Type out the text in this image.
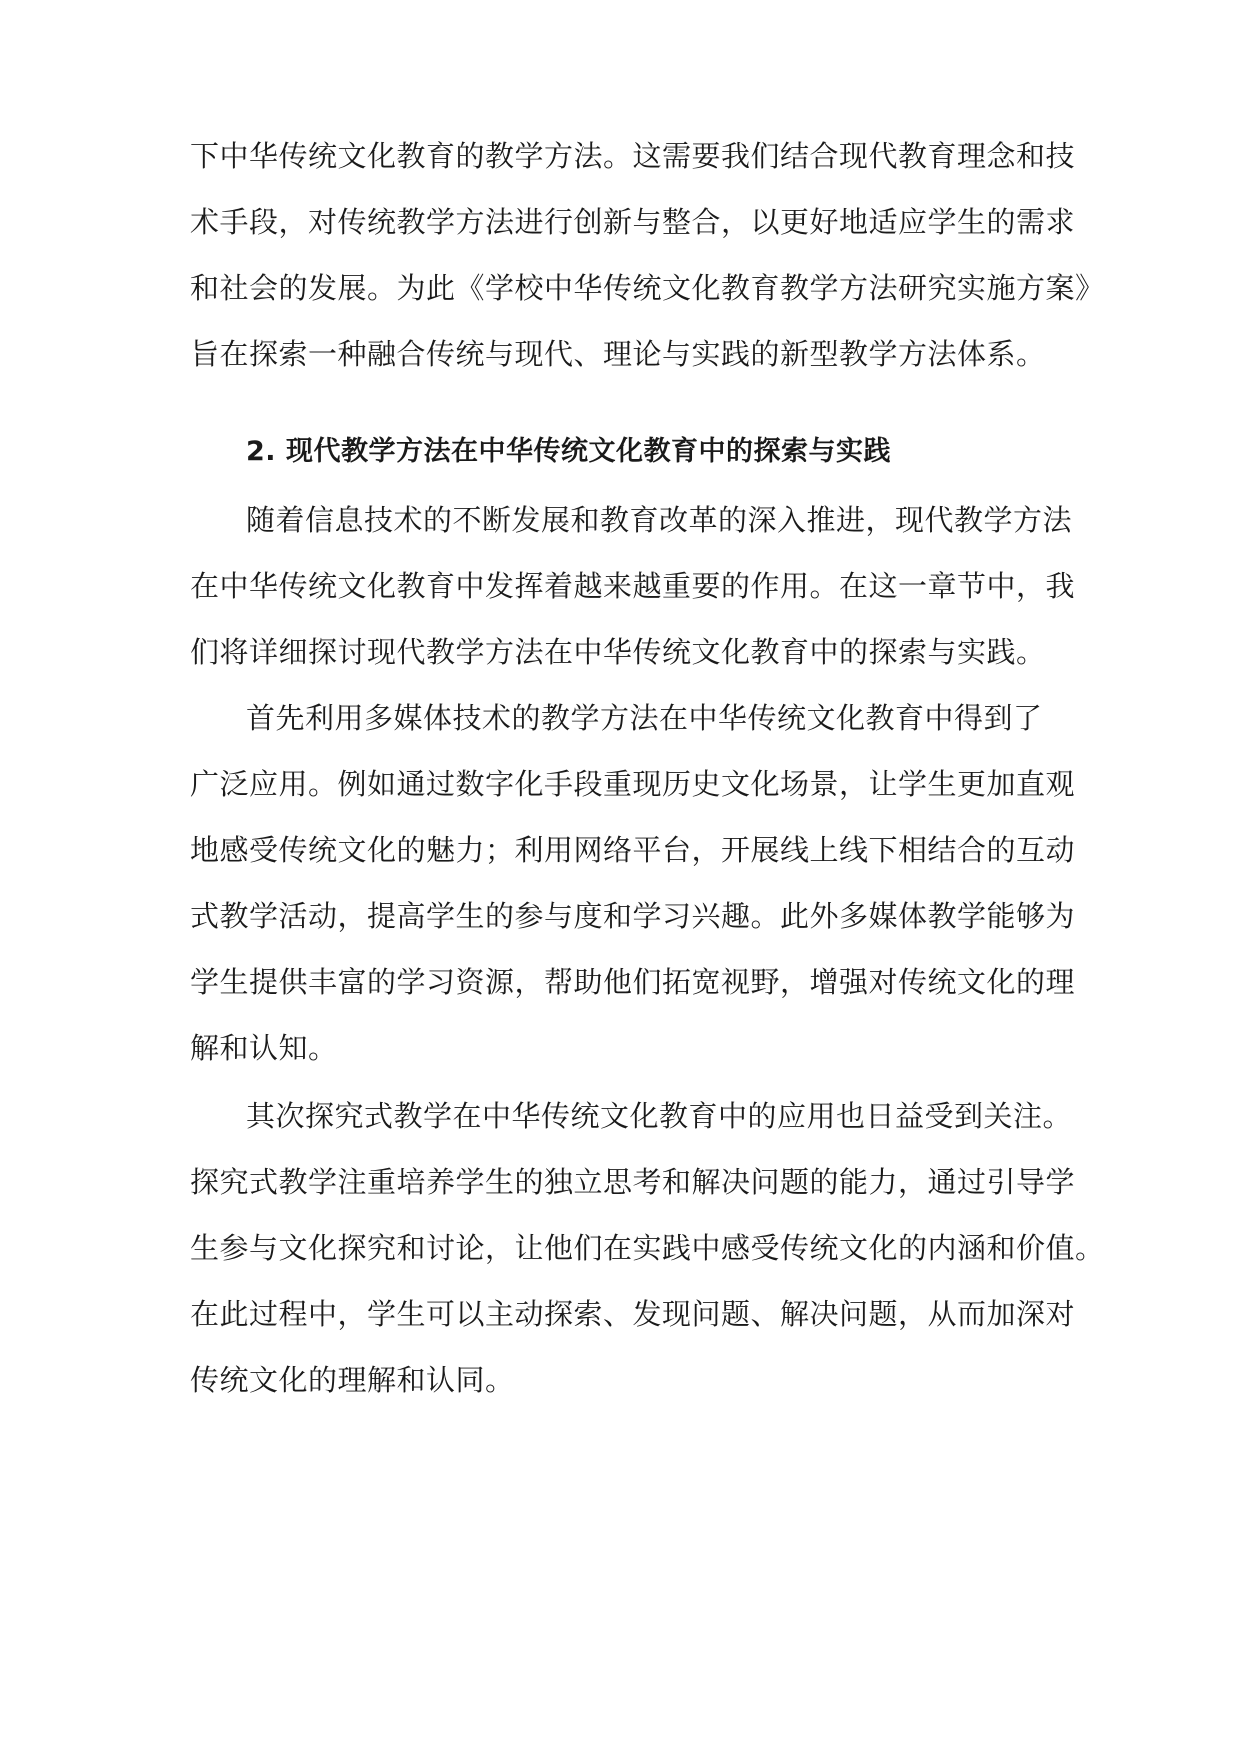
下中华传统文化教育的教学方法。这需要我们结合现代教育理念和技
术手段，对传统教学方法进行创新与整合，以更好地适应学生的需求
和社会的发展。为此《学校中华传统文化教育教学方法研究实施方案》
旨在探索一种融合传统与现代、理论与实践的新型教学方法体系。
2. 现代教学方法在中华传统文化教育中的探索与实践
随着信息技术的不断发展和教育改革的深入推进，现代教学方法
在中华传统文化教育中发挥着越来越重要的作用。在这一章节中，我
们将详细探讨现代教学方法在中华传统文化教育中的探索与实践。
首先利用多媒体技术的教学方法在中华传统文化教育中得到了
广泛应用。例如通过数字化手段重现历史文化场景，让学生更加直观
地感受传统文化的魅力；利用网络平台，开展线上线下相结合的互动
式教学活动，提高学生的参与度和学习兴趣。此外多媒体教学能够为
学生提供丰富的学习资源，帮助他们拓宽视野，增强对传统文化的理
解和认知。
其次探究式教学在中华传统文化教育中的应用也日益受到关注。
探究式教学注重培养学生的独立思考和解决问题的能力，通过引导学
生参与文化探究和讨论，让他们在实践中感受传统文化的内涵和价值。
在此过程中，学生可以主动探索、发现问题、解决问题，从而加深对
传统文化的理解和认同。
